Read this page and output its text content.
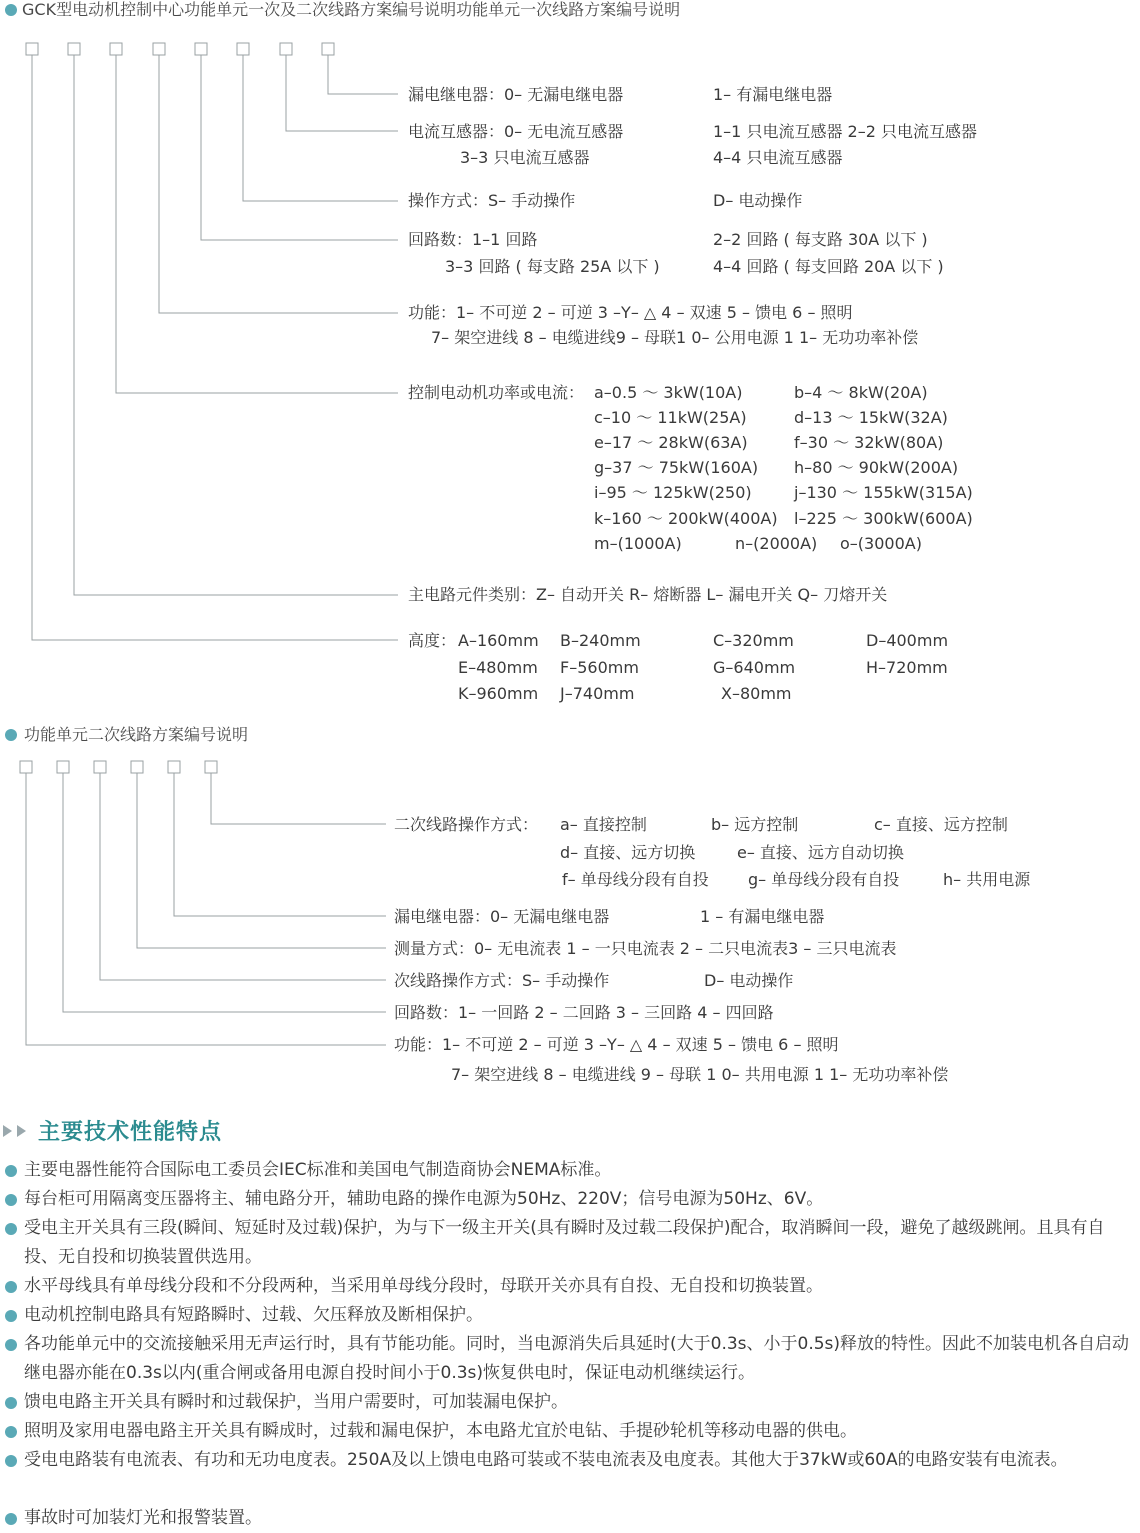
GCK型电动机控制中心功能单元一次及二次线路方案编号说明功能单元一次线路方案编号说明
漏电继电器：0– 无漏电继电器	1– 有漏电继电器
电流互感器：0– 无电流互感器	1–1 只电流互感器 2–2 只电流互感器
3–3 只电流互感器	4–4 只电流互感器
操作方式：S– 手动操作	D– 电动操作
回路数：1–1 回路	2–2 回路 ( 每支路 30A 以下 )
3–3 回路 ( 每支路 25A 以下 )	4–4 回路 ( 每支回路 20A 以下 )
功能：1– 不可逆 2 – 可逆 3 –Y– △ 4 – 双速 5 – 馈电 6 – 照明
7– 架空进线 8 – 电缆进线9 – 母联1 0– 公用电源 1 1– 无功功率补偿
控制电动机功率或电流： a–0.5 ～ 3kW(10A)	b–4 ～ 8kW(20A)
c–10 ～ 11kW(25A)	d–13 ～ 15kW(32A)
e–17 ～ 28kW(63A)	f–30 ～ 32kW(80A)
g–37 ～ 75kW(160A) h–80 ～ 90kW(200A)
i–95 ～ 125kW(250)	j–130 ～ 155kW(315A)
k–160 ～ 200kW(400A) l–225 ～ 300kW(600A)
m–(1000A)	n–(2000A) o–(3000A)
主电路元件类别：Z– 自动开关 R– 熔断器 L– 漏电开关 Q– 刀熔开关
高度： A–160mm B–240mm	C–320mm	D–400mm
E–480mm F–560mm	G–640mm	H–720mm
K–960mm J–740mm	X–80mm
功能单元二次线路方案编号说明
二次线路操作方式： a– 直接控制	b– 远方控制	c– 直接、远方控制
d– 直接、远方切换	e– 直接、远方自动切换
f– 单母线分段有自投 g– 单母线分段有自投	h– 共用电源
漏电继电器：0– 无漏电继电器	1 – 有漏电继电器
测量方式：0– 无电流表 1 – 一只电流表 2 – 二只电流表3 – 三只电流表
次线路操作方式：S– 手动操作	D– 电动操作
回路数：1– 一回路 2 – 二回路 3 – 三回路 4 – 四回路
功能：1– 不可逆 2 – 可逆 3 –Y– △ 4 – 双速 5 – 馈电 6 – 照明
7– 架空进线 8 – 电缆进线 9 – 母联 1 0– 共用电源 1 1– 无功功率补偿
主要技术性能特点
主要电器性能符合国际电工委员会IEC标准和美国电气制造商协会NEMA标准。
每台柜可用隔离变压器将主、辅电路分开，辅助电路的操作电源为50Hz、220V；信号电源为50Hz、6V。
受电主开关具有三段(瞬间、短延时及过载)保护，为与下一级主开关(具有瞬时及过载二段保护)配合，取消瞬间一段，避免了越级跳闸。且具有自投、无自投和切换装置供选用。
水平母线具有单母线分段和不分段两种，当采用单母线分段时，母联开关亦具有自投、无自投和切换装置。
电动机控制电路具有短路瞬时、过载、欠压释放及断相保护。
各功能单元中的交流接触采用无声运行时，具有节能功能。同时，当电源消失后具延时(大于0.3s、小于0.5s)释放的特性。因此不加装电机各自启动继电器亦能在0.3s以内(重合闸或备用电源自投时间小于0.3s)恢复供电时，保证电动机继续运行。
馈电电路主开关具有瞬时和过载保护，当用户需要时，可加装漏电保护。
照明及家用电器电路主开关具有瞬成时，过载和漏电保护，本电路尤宜於电钻、手提砂轮机等移动电器的供电。
受电电路装有电流表、有功和无功电度表。250A及以上馈电电路可装或不装电流表及电度表。其他大于37kW或60A的电路安装有电流表。
事故时可加装灯光和报警装置。
